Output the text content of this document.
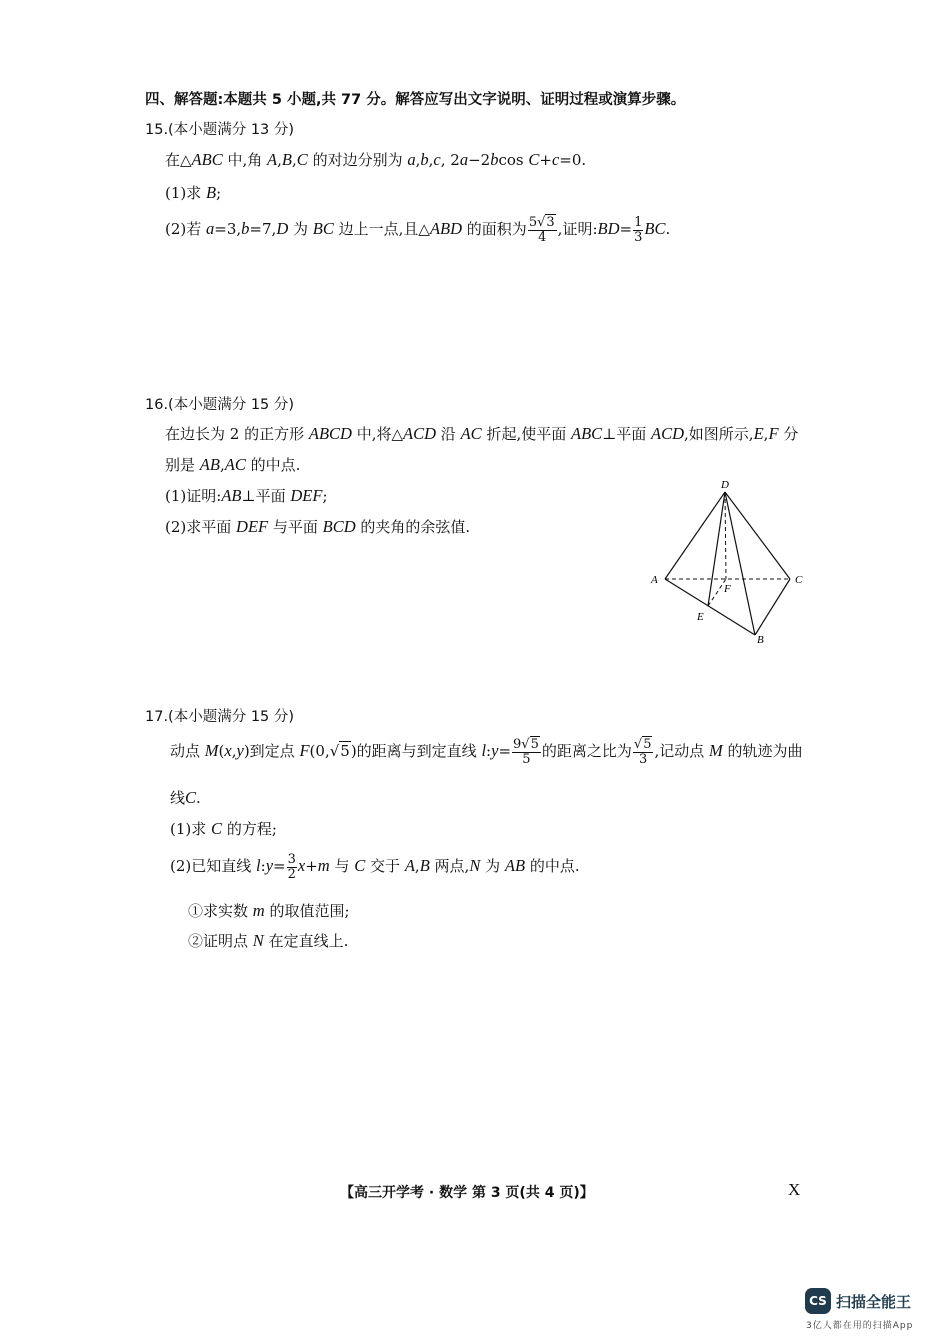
四、解答题:本题共 5 小题,共 77 分。解答应写出文字说明、证明过程或演算步骤。
15.(本小题满分 13 分)
在△ABC 中,角 A,B,C 的对边分别为 a,b,c, 2a−2bcos C+c=0.
(1)求 B;
(2)若 a=3,b=7,D 为 BC 边上一点,且△ABD 的面积为 $\frac{5√3}{4}$ ,证明:BD= $\frac{1}{3}$ BC.
16.(本小题满分 15 分)
在边长为 2 的正方形 ABCD 中,将△ACD 沿 AC 折起,使平面 ABC⊥平面 ACD,如图所示,E,F 分
别是 AB,AC 的中点.
(1)证明:AB⊥平面 DEF;
(2)求平面 DEF 与平面 BCD 的夹角的余弦值.
D
A	C
F
E
B
17.(本小题满分 15 分)
动点 M(x,y)到定点 F(0,√5)的距离与到定直线 l:y= $\frac{9√5}{5}$ 的距离之比为 $\frac{√5}{3}$ ,记动点 M 的轨迹为曲
线C.
(1)求 C 的方程;
(2)已知直线 l:y= $\frac{3}{2} x+m$ 与 C 交于 A,B 两点,N 为 AB 的中点.
①求实数 m 的取值范围;
②证明点 N 在定直线上.
【高三开学考 · 数学 第 3 页(共 4 页)】	X
CS 扫描全能王
3亿人都在用的扫描App
